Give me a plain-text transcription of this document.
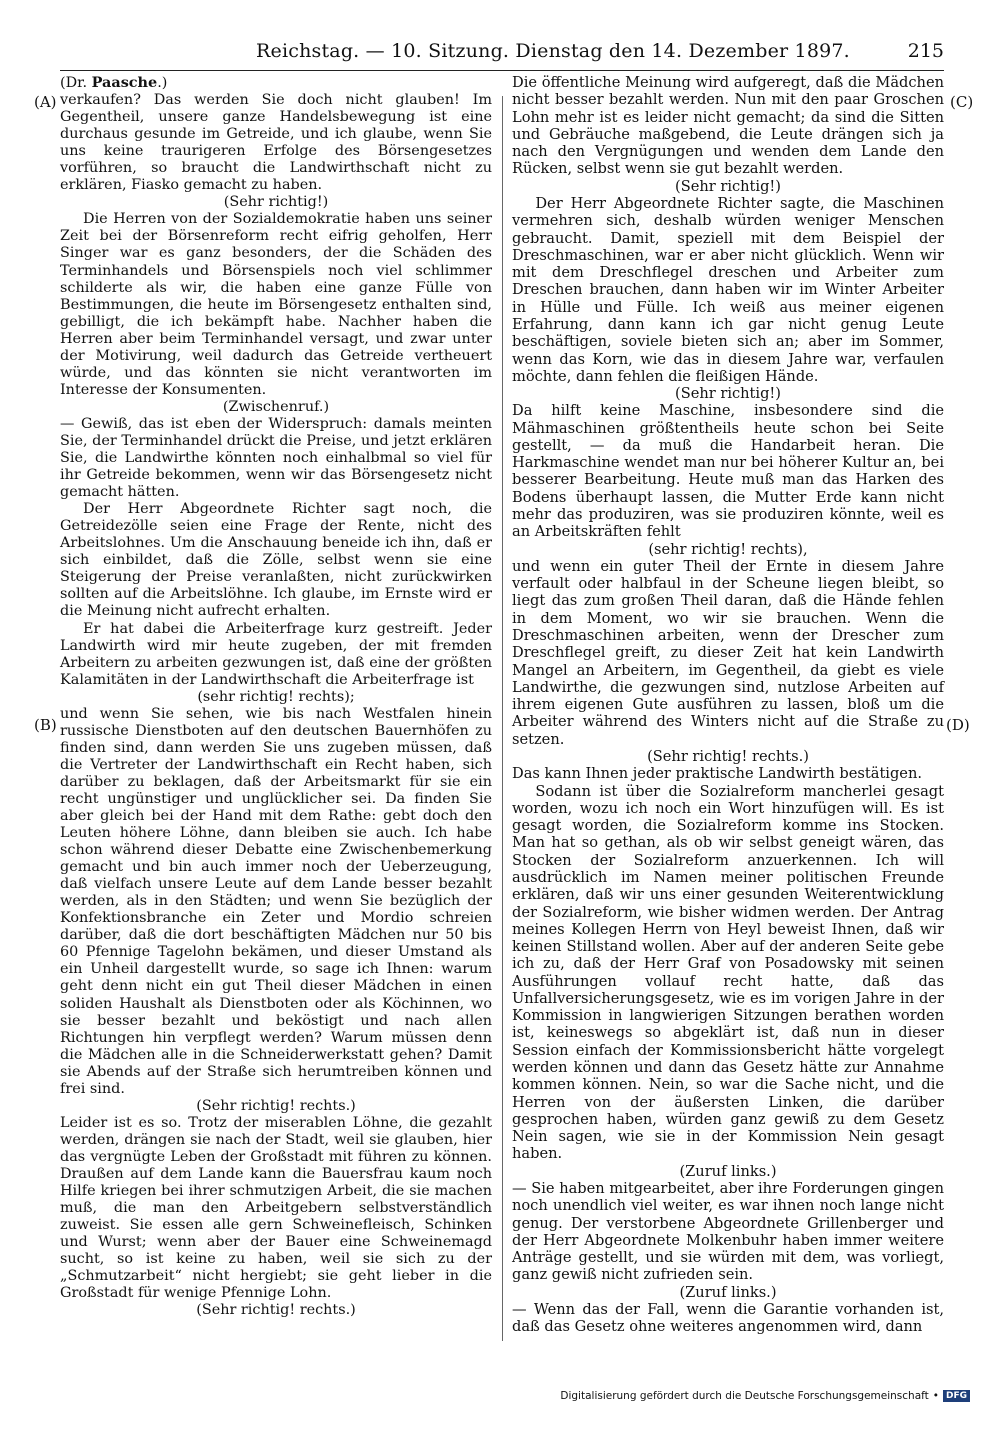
Reichstag. — 10. Sitzung. Dienstag den 14. Dezember 1897.	215
(A)
(B)
(C)
(D)

(Dr. Paasche.)

verkaufen? Das werden Sie doch nicht glauben! Im Gegentheil, unsere ganze Handelsbewegung ist eine durchaus gesunde im Getreide, und ich glaube, wenn Sie uns keine traurigeren Erfolge des Börsengesetzes vorführen, so braucht die Landwirthschaft nicht zu erklären, Fiasko gemacht zu haben.

(Sehr richtig!)

Die Herren von der Sozialdemokratie haben uns seiner Zeit bei der Börsenreform recht eifrig geholfen, Herr Singer war es ganz besonders, der die Schäden des Terminhandels und Börsenspiels noch viel schlimmer schilderte als wir, die haben eine ganze Fülle von Bestimmungen, die heute im Börsengesetz enthalten sind, gebilligt, die ich bekämpft habe. Nachher haben die Herren aber beim Terminhandel versagt, und zwar unter der Motivirung, weil dadurch das Getreide vertheuert würde, und das könnten sie nicht verantworten im Interesse der Konsumenten.

(Zwischenruf.)

— Gewiß, das ist eben der Widerspruch: damals meinten Sie, der Terminhandel drückt die Preise, und jetzt erklären Sie, die Landwirthe könnten noch einhalbmal so viel für ihr Getreide bekommen, wenn wir das Börsengesetz nicht gemacht hätten.

Der Herr Abgeordnete Richter sagt noch, die Getreidezölle seien eine Frage der Rente, nicht des Arbeitslohnes. Um die Anschauung beneide ich ihn, daß er sich einbildet, daß die Zölle, selbst wenn sie eine Steigerung der Preise veranlaßten, nicht zurückwirken sollten auf die Arbeitslöhne. Ich glaube, im Ernste wird er die Meinung nicht aufrecht erhalten.

Er hat dabei die Arbeiterfrage kurz gestreift. Jeder Landwirth wird mir heute zugeben, der mit fremden Arbeitern zu arbeiten gezwungen ist, daß eine der größten Kalamitäten in der Landwirthschaft die Arbeiterfrage ist

(sehr richtig! rechts);

und wenn Sie sehen, wie bis nach Westfalen hinein russische Dienstboten auf den deutschen Bauernhöfen zu finden sind, dann werden Sie uns zugeben müssen, daß die Vertreter der Landwirthschaft ein Recht haben, sich darüber zu beklagen, daß der Arbeitsmarkt für sie ein recht ungünstiger und unglücklicher sei. Da finden Sie aber gleich bei der Hand mit dem Rathe: gebt doch den Leuten höhere Löhne, dann bleiben sie auch. Ich habe schon während dieser Debatte eine Zwischenbemerkung gemacht und bin auch immer noch der Ueberzeugung, daß vielfach unsere Leute auf dem Lande besser bezahlt werden, als in den Städten; und wenn Sie bezüglich der Konfektionsbranche ein Zeter und Mordio schreien darüber, daß die dort beschäftigten Mädchen nur 50 bis 60 Pfennige Tagelohn bekämen, und dieser Umstand als ein Unheil dargestellt wurde, so sage ich Ihnen: warum geht denn nicht ein gut Theil dieser Mädchen in einen soliden Haushalt als Dienstboten oder als Köchinnen, wo sie besser bezahlt und beköstigt und nach allen Richtungen hin verpflegt werden? Warum müssen denn die Mädchen alle in die Schneiderwerkstatt gehen? Damit sie Abends auf der Straße sich herumtreiben können und frei sind.

(Sehr richtig! rechts.)

Leider ist es so. Trotz der miserablen Löhne, die gezahlt werden, drängen sie nach der Stadt, weil sie glauben, hier das vergnügte Leben der Großstadt mit führen zu können. Draußen auf dem Lande kann die Bauersfrau kaum noch Hilfe kriegen bei ihrer schmutzigen Arbeit, die sie machen muß, die man den Arbeitgebern selbstverständlich zuweist. Sie essen alle gern Schweinefleisch, Schinken und Wurst; wenn aber der Bauer eine Schweinemagd sucht, so ist keine zu haben, weil sie sich zu der „Schmutzarbeit“ nicht hergiebt; sie geht lieber in die Großstadt für wenige Pfennige Lohn.

(Sehr richtig! rechts.)

Die öffentliche Meinung wird aufgeregt, daß die Mädchen nicht besser bezahlt werden. Nun mit den paar Groschen Lohn mehr ist es leider nicht gemacht; da sind die Sitten und Gebräuche maßgebend, die Leute drängen sich ja nach den Vergnügungen und wenden dem Lande den Rücken, selbst wenn sie gut bezahlt werden.

(Sehr richtig!)

Der Herr Abgeordnete Richter sagte, die Maschinen vermehren sich, deshalb würden weniger Menschen gebraucht. Damit, speziell mit dem Beispiel der Dreschmaschinen, war er aber nicht glücklich. Wenn wir mit dem Dreschflegel dreschen und Arbeiter zum Dreschen brauchen, dann haben wir im Winter Arbeiter in Hülle und Fülle. Ich weiß aus meiner eigenen Erfahrung, dann kann ich gar nicht genug Leute beschäftigen, soviele bieten sich an; aber im Sommer, wenn das Korn, wie das in diesem Jahre war, verfaulen möchte, dann fehlen die fleißigen Hände.

(Sehr richtig!)

Da hilft keine Maschine, insbesondere sind die Mähmaschinen größtentheils heute schon bei Seite gestellt, — da muß die Handarbeit heran. Die Harkmaschine wendet man nur bei höherer Kultur an, bei besserer Bearbeitung. Heute muß man das Harken des Bodens überhaupt lassen, die Mutter Erde kann nicht mehr das produziren, was sie produziren könnte, weil es an Arbeitskräften fehlt

(sehr richtig! rechts),

und wenn ein guter Theil der Ernte in diesem Jahre verfault oder halbfaul in der Scheune liegen bleibt, so liegt das zum großen Theil daran, daß die Hände fehlen in dem Moment, wo wir sie brauchen. Wenn die Dreschmaschinen arbeiten, wenn der Drescher zum Dreschflegel greift, zu dieser Zeit hat kein Landwirth Mangel an Arbeitern, im Gegentheil, da giebt es viele Landwirthe, die gezwungen sind, nutzlose Arbeiten auf ihrem eigenen Gute ausführen zu lassen, bloß um die Arbeiter während des Winters nicht auf die Straße zu setzen.

(Sehr richtig! rechts.)

Das kann Ihnen jeder praktische Landwirth bestätigen.

Sodann ist über die Sozialreform mancherlei gesagt worden, wozu ich noch ein Wort hinzufügen will. Es ist gesagt worden, die Sozialreform komme ins Stocken. Man hat so gethan, als ob wir selbst geneigt wären, das Stocken der Sozialreform anzuerkennen. Ich will ausdrücklich im Namen meiner politischen Freunde erklären, daß wir uns einer gesunden Weiterentwicklung der Sozialreform, wie bisher widmen werden. Der Antrag meines Kollegen Herrn von Heyl beweist Ihnen, daß wir keinen Stillstand wollen. Aber auf der anderen Seite gebe ich zu, daß der Herr Graf von Posadowsky mit seinen Ausführungen vollauf recht hatte, daß das Unfallversicherungsgesetz, wie es im vorigen Jahre in der Kommission in langwierigen Sitzungen berathen worden ist, keineswegs so abgeklärt ist, daß nun in dieser Session einfach der Kommissionsbericht hätte vorgelegt werden können und dann das Gesetz hätte zur Annahme kommen können. Nein, so war die Sache nicht, und die Herren von der äußersten Linken, die darüber gesprochen haben, würden ganz gewiß zu dem Gesetz Nein sagen, wie sie in der Kommission Nein gesagt haben.

(Zuruf links.)

— Sie haben mitgearbeitet, aber ihre Forderungen gingen noch unendlich viel weiter, es war ihnen noch lange nicht genug. Der verstorbene Abgeordnete Grillenberger und der Herr Abgeordnete Molkenbuhr haben immer weitere Anträge gestellt, und sie würden mit dem, was vorliegt, ganz gewiß nicht zufrieden sein.

(Zuruf links.)

— Wenn das der Fall, wenn die Garantie vorhanden ist, daß das Gesetz ohne weiteres angenommen wird, dann

Digitalisierung gefördert durch die Deutsche Forschungsgemeinschaft • DFG
